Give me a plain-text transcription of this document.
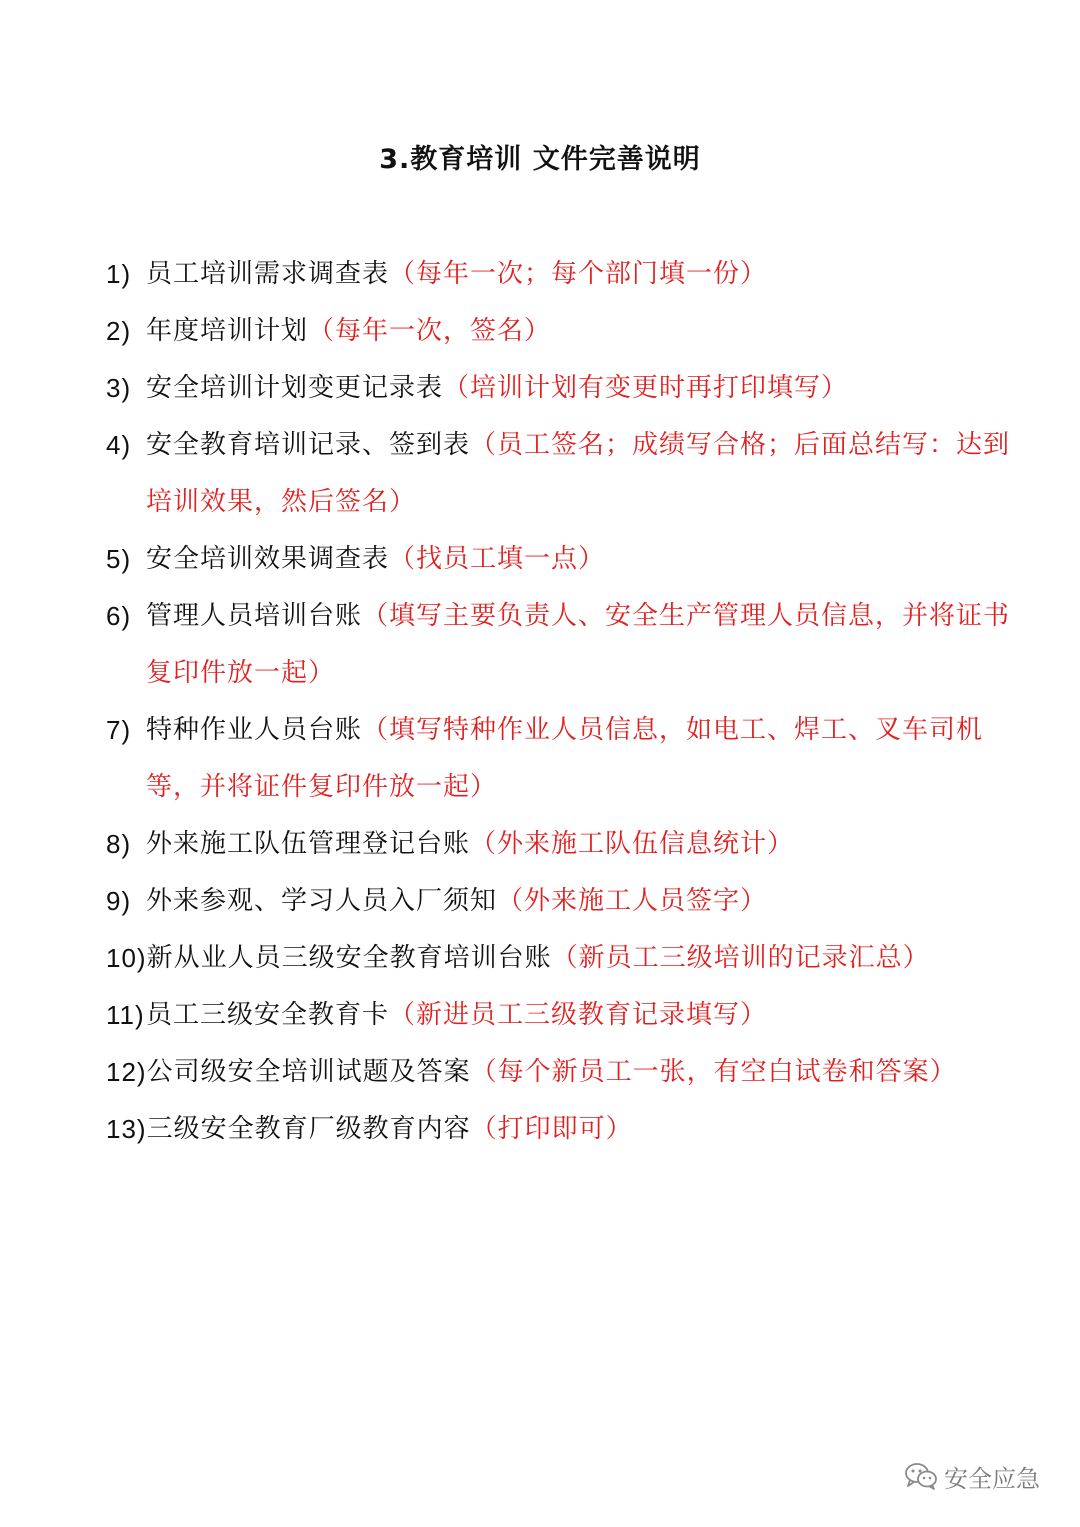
3.教育培训 文件完善说明
1) 员工培训需求调查表（每年一次；每个部门填一份）
2) 年度培训计划（每年一次，签名）
3) 安全培训计划变更记录表（培训计划有变更时再打印填写）
4) 安全教育培训记录、签到表（员工签名；成绩写合格；后面总结写：达到培训效果，然后签名）
5) 安全培训效果调查表（找员工填一点）
6) 管理人员培训台账（填写主要负责人、安全生产管理人员信息，并将证书复印件放一起）
7) 特种作业人员台账（填写特种作业人员信息，如电工、焊工、叉车司机等，并将证件复印件放一起）
8) 外来施工队伍管理登记台账（外来施工队伍信息统计）
9) 外来参观、学习人员入厂须知（外来施工人员签字）
10) 新从业人员三级安全教育培训台账（新员工三级培训的记录汇总）
11) 员工三级安全教育卡（新进员工三级教育记录填写）
12) 公司级安全培训试题及答案（每个新员工一张，有空白试卷和答案）
13) 三级安全教育厂级教育内容（打印即可）
安全应急
